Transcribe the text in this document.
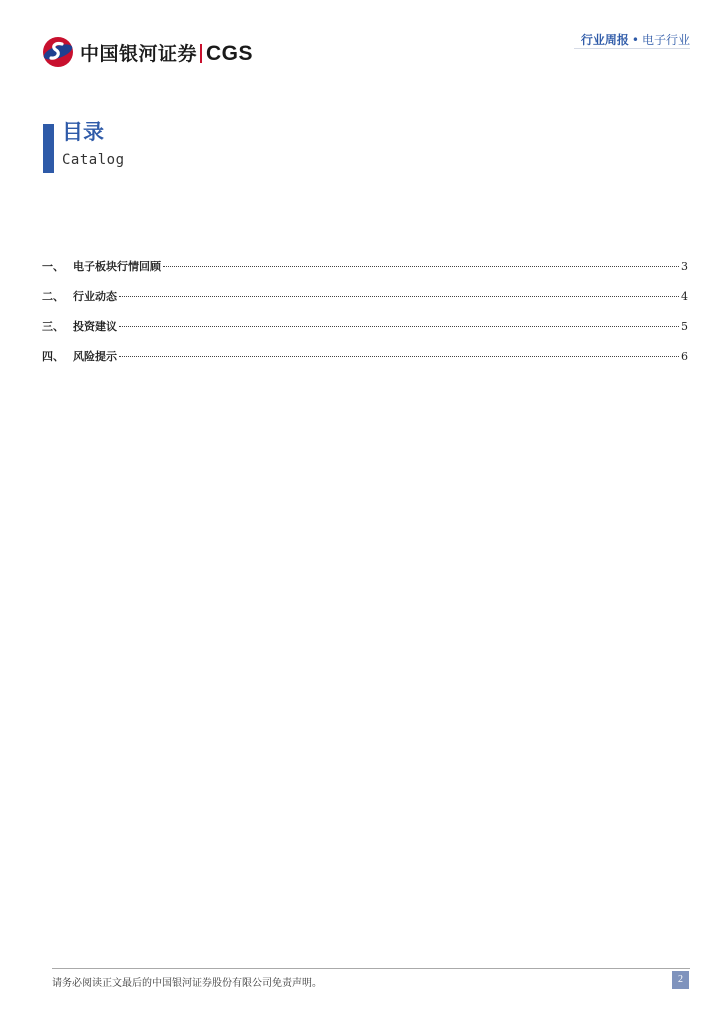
中国银河证券 CGS
行业周报 • 电子行业
目录
Catalog
一、 电子板块行情回顾	3
二、 行业动态	4
三、 投资建议	5
四、 风险提示	6
请务必阅读正文最后的中国银河证券股份有限公司免责声明。	2
